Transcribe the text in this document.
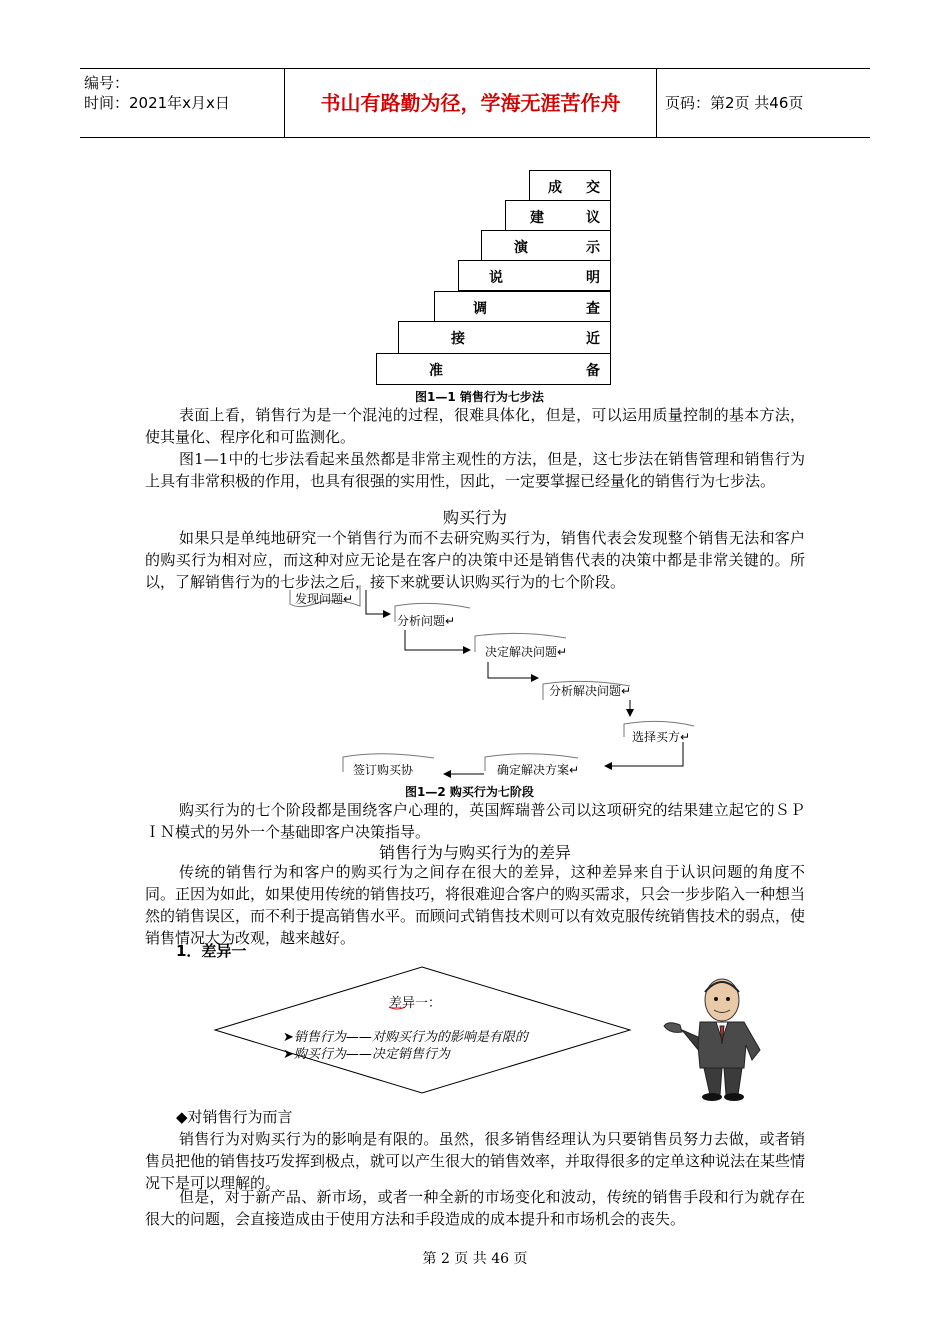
编号：
时间：2021年x月x日	书山有路勤为径，学海无涯苦作舟	页码：第2页 共46页
成 交
建	议
演	示
说	明
调	查
接	近
准	备
图1—1 销售行为七步法

表面上看，销售行为是一个混沌的过程，很难具体化，但是，可以运用质量控制的基本方法，使其量化、程序化和可监测化。

图1—1中的七步法看起来虽然都是非常主观性的方法，但是，这七步法在销售管理和销售行为上具有非常积极的作用，也具有很强的实用性，因此，一定要掌握已经量化的销售行为七步法。

购买行为

如果只是单纯地研究一个销售行为而不去研究购买行为，销售代表会发现整个销售无法和客户的购买行为相对应，而这种对应无论是在客户的决策中还是销售代表的决策中都是非常关键的。所以，了解销售行为的七步法之后，接下来就要认识购买行为的七个阶段。

发现问题↵
分析问题↵
决定解决问题↵
分析解决问题↵
选择买方↵
确定解决方案↵
签订购买协
图1—2 购买行为七阶段

购买行为的七个阶段都是围绕客户心理的，英国辉瑞普公司以这项研究的结果建立起它的ＳＰＩＮ模式的另外一个基础即客户决策指导。

销售行为与购买行为的差异

传统的销售行为和客户的购买行为之间存在很大的差异，这种差异来自于认识问题的角度不同。正因为如此，如果使用传统的销售技巧，将很难迎合客户的购买需求，只会一步步陷入一种想当然的销售误区，而不利于提高销售水平。而顾问式销售技术则可以有效克服传统销售技术的弱点，使销售情况大为改观，越来越好。

1．差异一
差异一：
➤销售行为——对购买行为的影响是有限的
➤购买行为——决定销售行为
◆对销售行为而言

销售行为对购买行为的影响是有限的。虽然，很多销售经理认为只要销售员努力去做，或者销售员把他的销售技巧发挥到极点，就可以产生很大的销售效率，并取得很多的定单这种说法在某些情况下是可以理解的。

但是，对于新产品、新市场，或者一种全新的市场变化和波动，传统的销售手段和行为就存在很大的问题，会直接造成由于使用方法和手段造成的成本提升和市场机会的丧失。

第 2 页 共 46 页
